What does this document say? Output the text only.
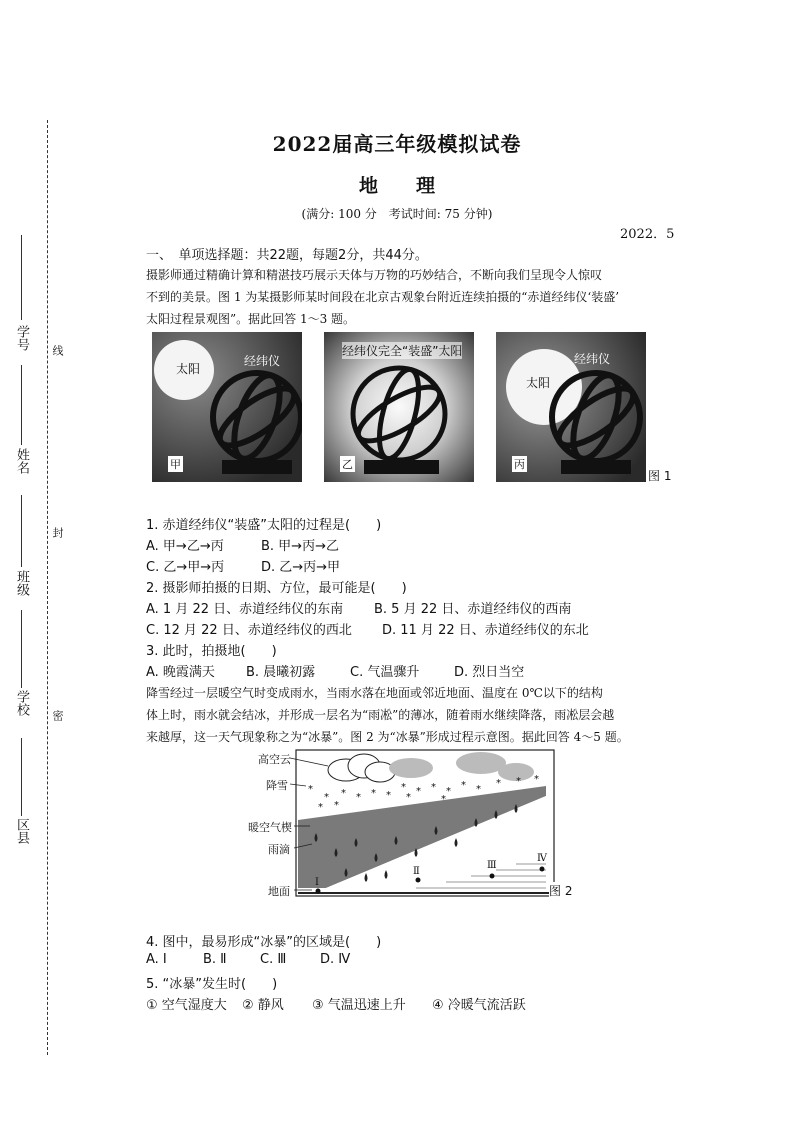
学号
姓名
班级
学校
区县
线
封
密
2022届高三年级模拟试卷
地　　理
(满分: 100 分　考试时间: 75 分钟)
2022．5
一、　单项选择题：共22题，每题2分，共44分。
摄影师通过精确计算和精湛技巧展示天体与万物的巧妙结合，不断向我们呈现令人惊叹
不到的美景。图 1 为某摄影师某时间段在北京古观象台附近连续拍摄的“赤道经纬仪‘装盛’
太阳过程景观图”。据此回答 1～3 题。
太阳
经纬仪
甲
经纬仪完全“装盛”太阳
乙
太阳
经纬仪
丙
图 1
1. 赤道经纬仪“装盛”太阳的过程是(　　)
A. 甲→乙→丙	B. 甲→丙→乙
C. 乙→甲→丙	D. 乙→丙→甲
2. 摄影师拍摄的日期、方位，最可能是(　　)
A. 1 月 22 日、赤道经纬仪的东南 B. 5 月 22 日、赤道经纬仪的西南
C. 12 月 22 日、赤道经纬仪的西北 D. 11 月 22 日、赤道经纬仪的东北
3. 此时，拍摄地(　　)
A. 晚霞满天 B. 晨曦初露	C. 气温骤升	D. 烈日当空
降雪经过一层暖空气时变成雨水，当雨水落在地面或邻近地面、温度在 0℃以下的结构
体上时，雨水就会结冰，并形成一层名为“雨凇”的薄冰，随着雨水继续降落，雨凇层会越
来越厚，这一天气现象称之为“冰暴”。图 2 为“冰暴”形成过程示意图。据此回答 4～5 题。
*
* *
* *
* * *
* * * *
* *
* * *
*	*
Ⅰ
Ⅱ
Ⅲ
Ⅳ
高空云
降雪
暖空气楔
雨滴
地面	图 2
4. 图中，最易形成“冰暴”的区域是(　　)
A. Ⅰ	B. Ⅱ	C. Ⅲ	D. Ⅳ
5. “冰暴”发生时(　　)
① 空气湿度大 ② 静风 ③ 气温迅速上升 ④ 冷暖气流活跃
